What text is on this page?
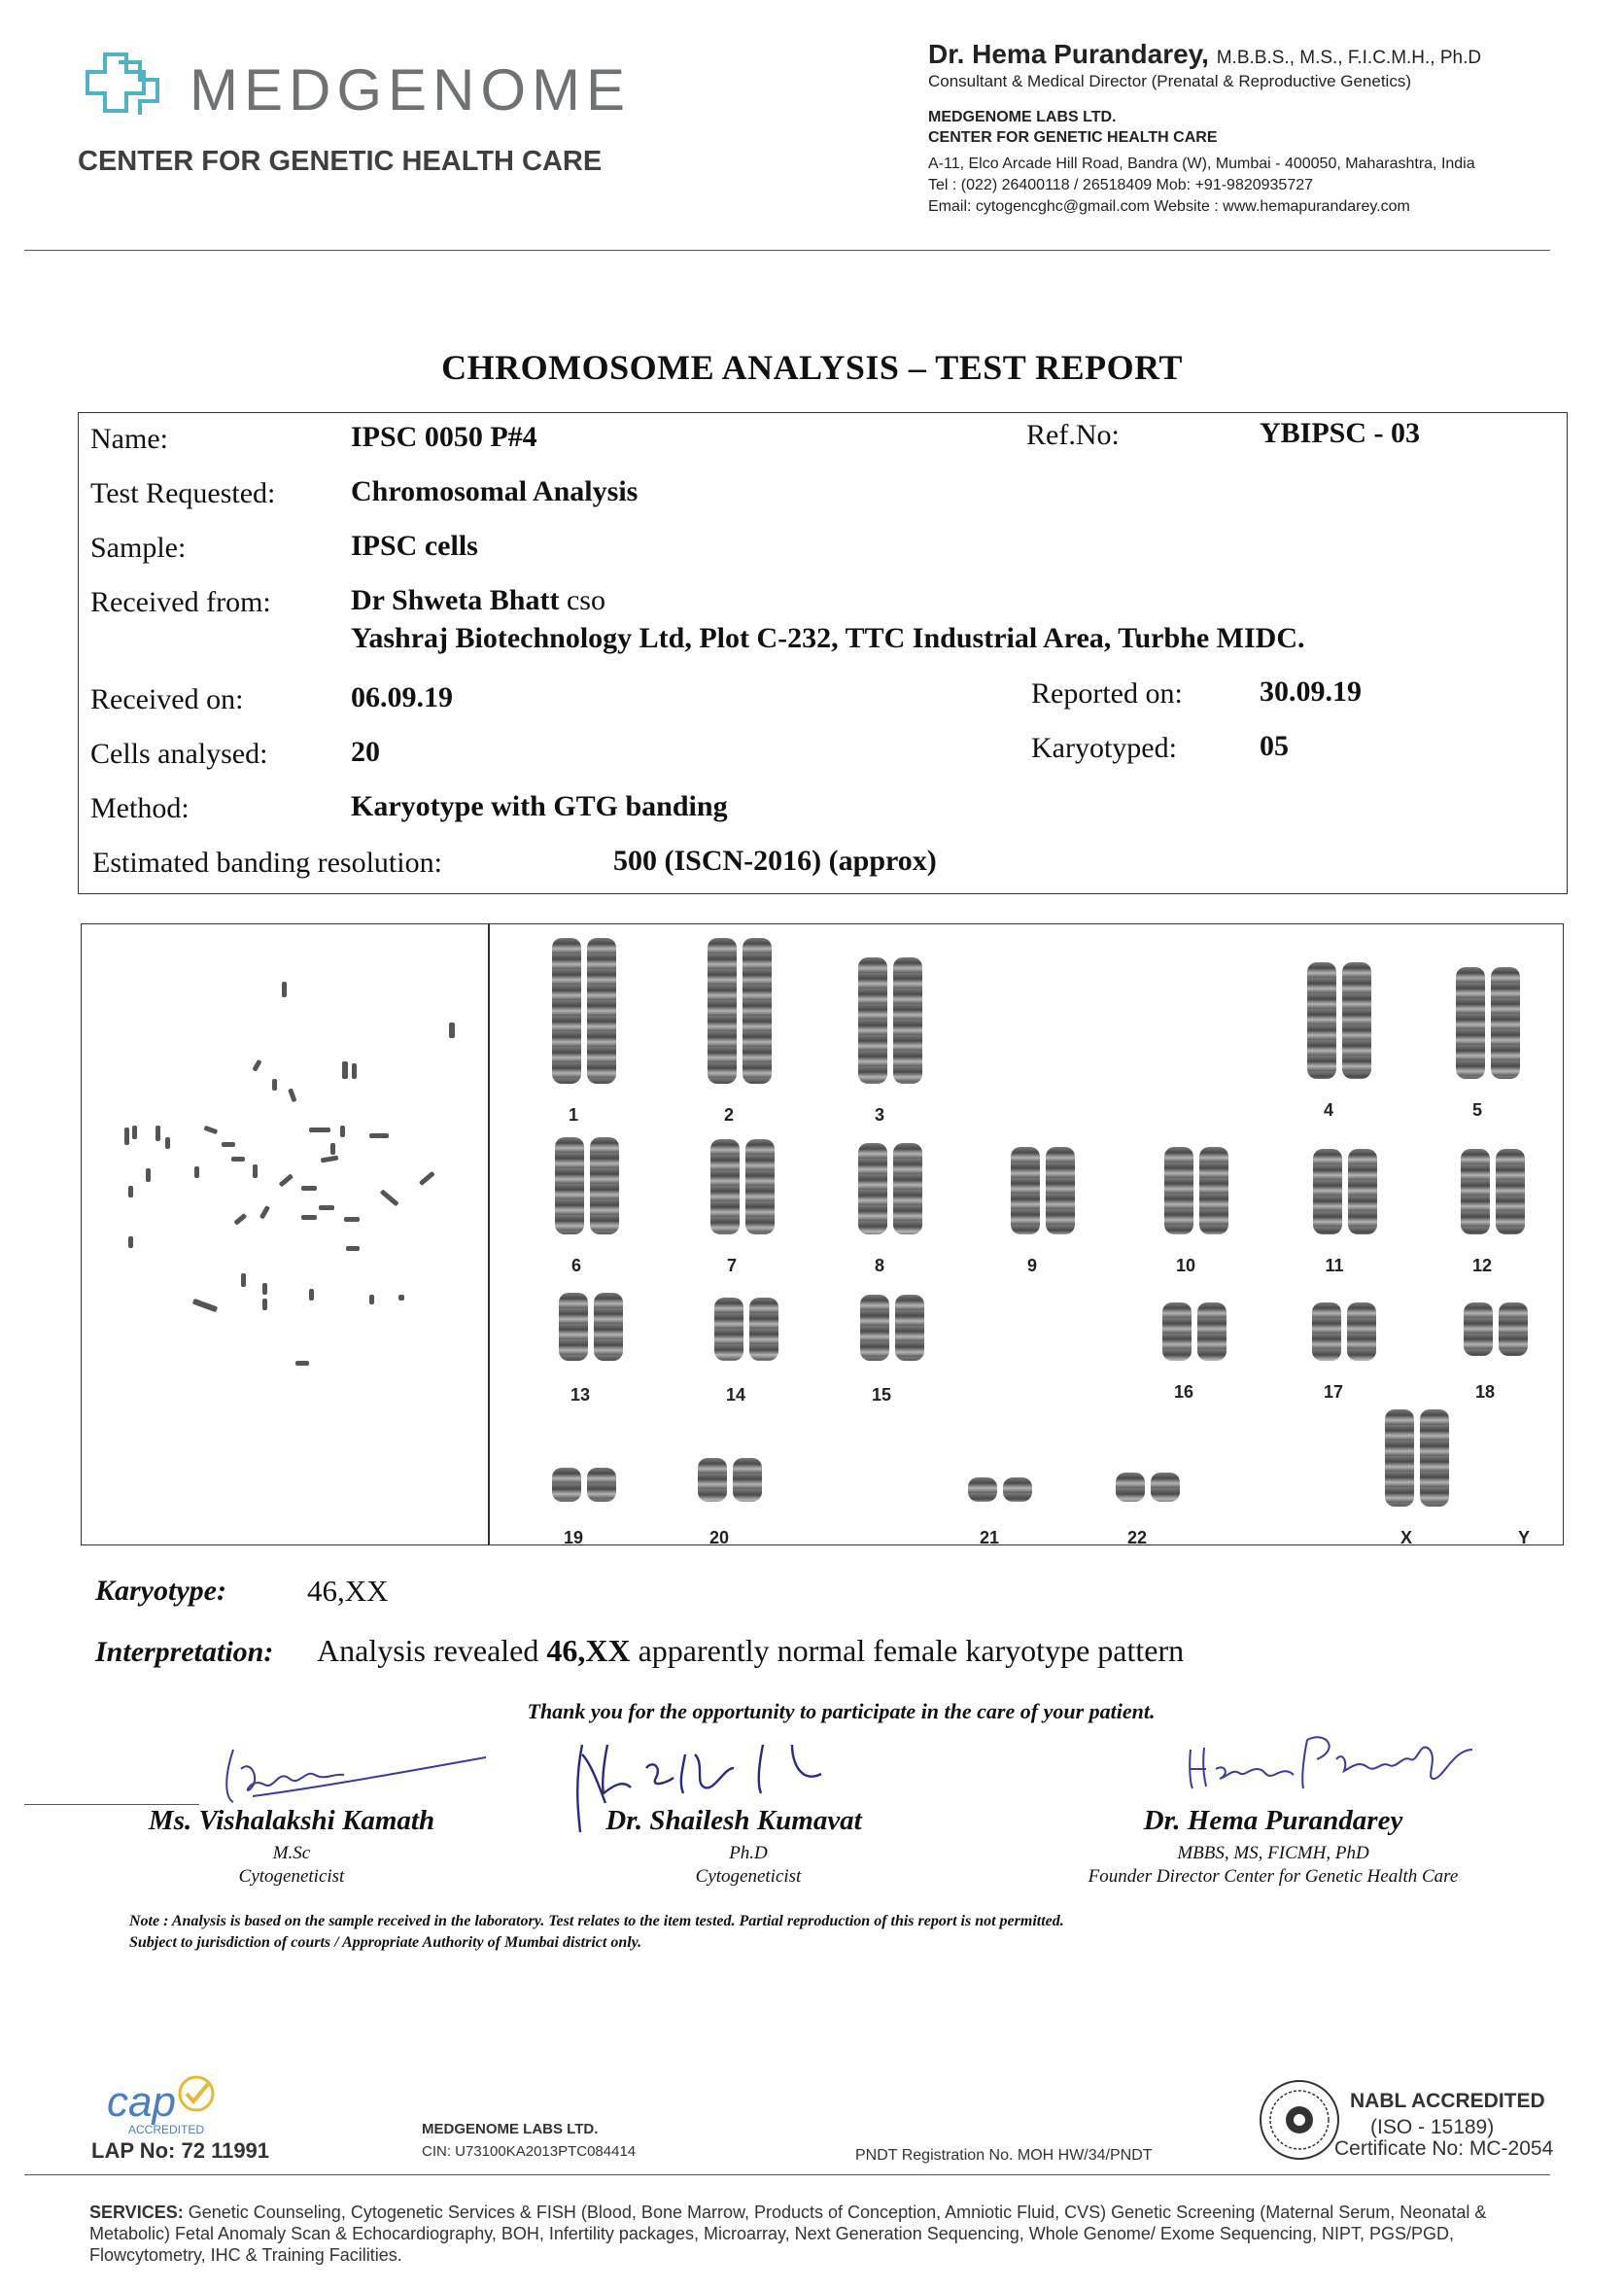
MEDGENOME
CENTER FOR GENETIC HEALTH CARE
Dr. Hema Purandarey, M.B.B.S., M.S., F.I.C.M.H., Ph.D
Consultant & Medical Director (Prenatal & Reproductive Genetics)
MEDGENOME LABS LTD.
CENTER FOR GENETIC HEALTH CARE
A-11, Elco Arcade Hill Road, Bandra (W), Mumbai - 400050, Maharashtra, India
Tel : (022) 26400118 / 26518409 Mob: +91-9820935727
Email: cytogencghc@gmail.com Website : www.hemapurandarey.com
CHROMOSOME ANALYSIS – TEST REPORT
Name:	IPSC 0050 P#4	Ref.No:	YBIPSC - 03
Test Requested:	Chromosomal Analysis
Sample:	IPSC cells
Received from:	Dr Shweta Bhatt cso
Yashraj Biotechnology Ltd, Plot C-232, TTC Industrial Area, Turbhe MIDC.
Received on:	06.09.19	Reported on:	30.09.19
Cells analysed:	20	Karyotyped:	05
Method:	Karyotype with GTG banding
Estimated banding resolution:	500 (ISCN-2016) (approx)
1	2	3	4	5
6	7	8	9	10	11	12
13	14	15	16	17	18
19	20	21	22	X	Y
Karyotype:	46,XX
Interpretation: Analysis revealed 46,XX apparently normal female karyotype pattern
Thank you for the opportunity to participate in the care of your patient.
Ms. Vishalakshi Kamath
M.Sc
Cytogeneticist
Dr. Shailesh Kumavat
Ph.D
Cytogeneticist
Dr. Hema Purandarey
MBBS, MS, FICMH, PhD
Founder Director Center for Genetic Health Care
Note : Analysis is based on the sample received in the laboratory. Test relates to the item tested. Partial reproduction of this report is not permitted.
Subject to jurisdiction of courts / Appropriate Authority of Mumbai district only.
cap
ACCREDITED
LAP No: 72 11991
MEDGENOME LABS LTD.
CIN: U73100KA2013PTC084414	PNDT Registration No. MOH HW/34/PNDT
NABL ACCREDITED
(ISO - 15189)
Certificate No: MC-2054
SERVICES: Genetic Counseling, Cytogenetic Services & FISH (Blood, Bone Marrow, Products of Conception, Amniotic Fluid, CVS) Genetic Screening (Maternal Serum, Neonatal & Metabolic) Fetal Anomaly Scan & Echocardiography, BOH, Infertility packages, Microarray, Next Generation Sequencing, Whole Genome/ Exome Sequencing, NIPT, PGS/PGD, Flowcytometry, IHC & Training Facilities.
